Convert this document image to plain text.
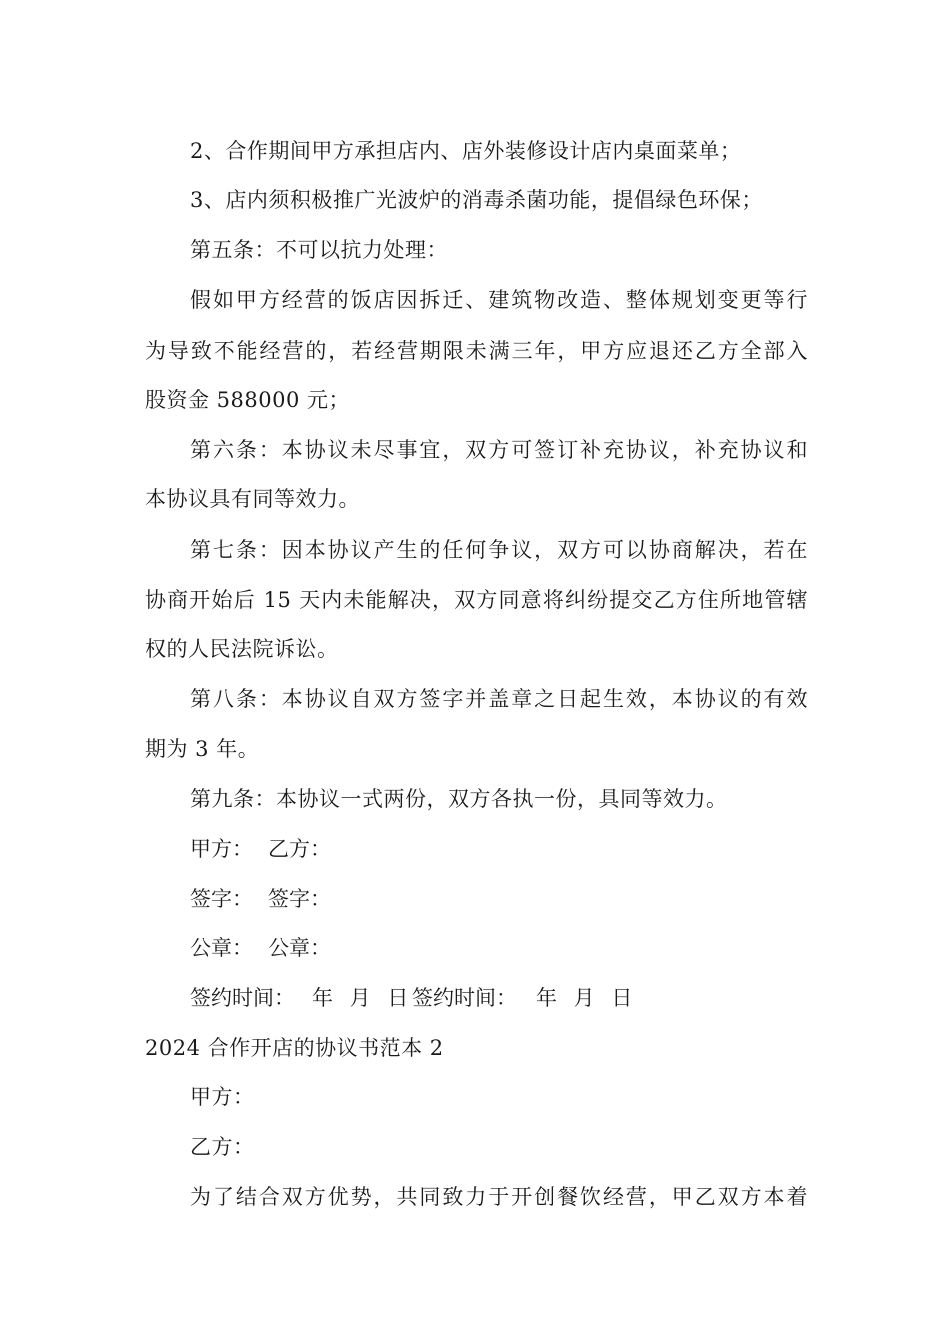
2、合作期间甲方承担店内、店外装修设计店内桌面菜单；
3、店内须积极推广光波炉的消毒杀菌功能，提倡绿色环保；
第五条：不可以抗力处理：
假如甲方经营的饭店因拆迁、建筑物改造、整体规划变更等行
为导致不能经营的，若经营期限未满三年，甲方应退还乙方全部入
股资金 588000 元；
第六条：本协议未尽事宜，双方可签订补充协议，补充协议和
本协议具有同等效力。
第七条：因本协议产生的任何争议，双方可以协商解决，若在
协商开始后 15 天内未能解决，双方同意将纠纷提交乙方住所地管辖
权的人民法院诉讼。
第八条：本协议自双方签字并盖章之日起生效，本协议的有效
期为 3 年。
第九条：本协议一式两份，双方各执一份，具同等效力。
甲方： 乙方：
签字： 签字：
公章： 公章：
签约时间： 年 月 日 签约时间： 年 月 日
2024 合作开店的协议书范本 2
甲方：
乙方：
为了结合双方优势，共同致力于开创餐饮经营，甲乙双方本着
